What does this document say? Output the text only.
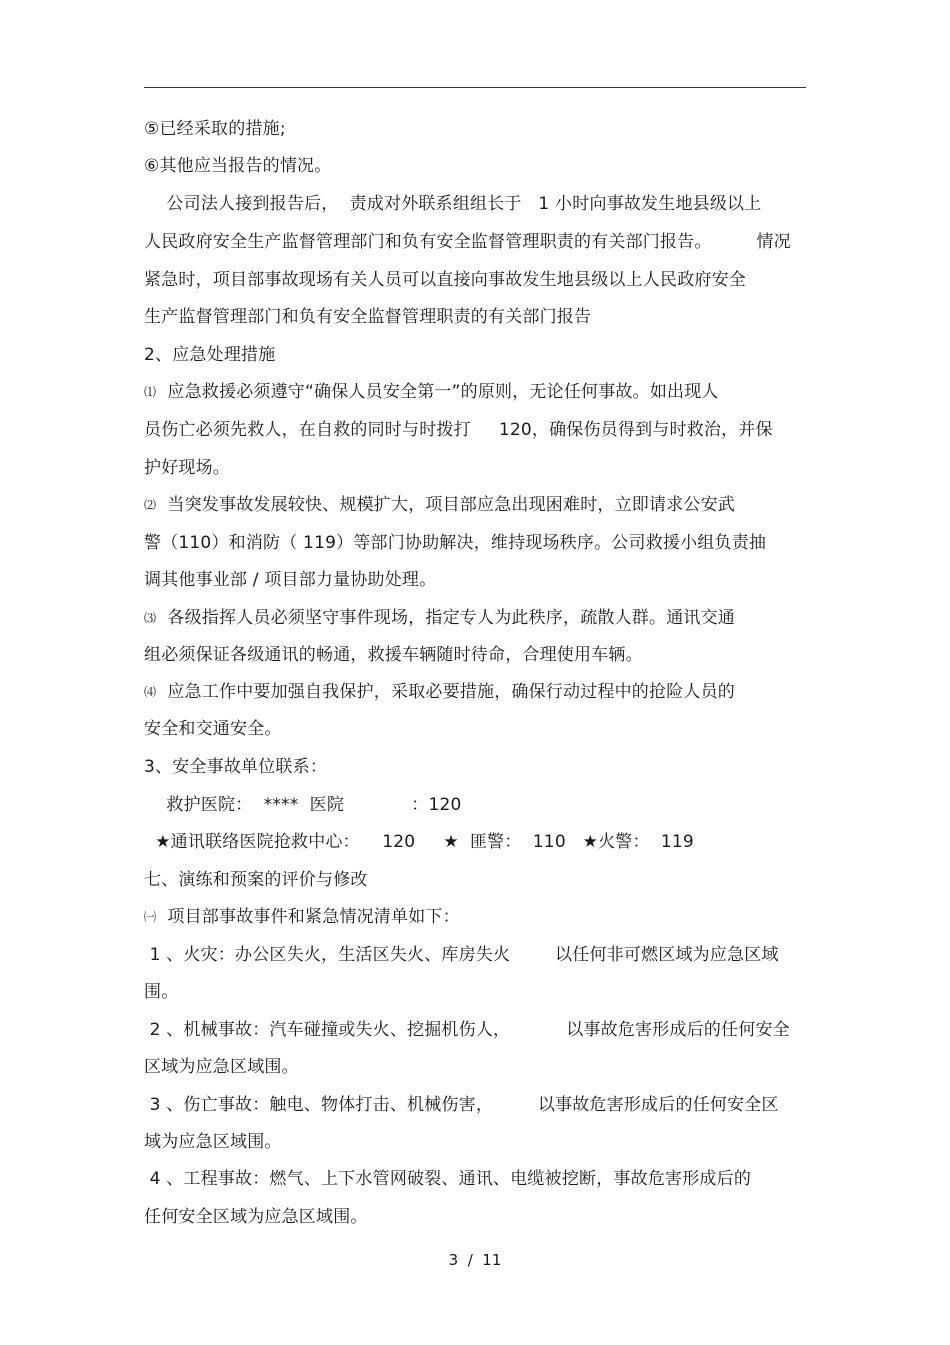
⑤已经采取的措施;
⑥其他应当报告的情况。
公司法人接到报告后，  责成对外联系组组长于   1 小时向事故发生地县级以上
人民政府安全生产监督管理部门和负有安全监督管理职责的有关部门报告。        情况
紧急时，项目部事故现场有关人员可以直接向事故发生地县级以上人民政府安全
生产监督管理部门和负有安全监督管理职责的有关部门报告
2、应急处理措施
⑴  应急救援必须遵守“确保人员安全第一”的原则，无论任何事故。如出现人
员伤亡必须先救人，在自救的同时与时拨打     120，确保伤员得到与时救治，并保
护好现场。
⑵  当突发事故发展较快、规模扩大，项目部应急出现困难时，立即请求公安武
警（110）和消防（ 119）等部门协助解决，维持现场秩序。公司救援小组负责抽
调其他事业部 / 项目部力量协助处理。
⑶  各级指挥人员必须坚守事件现场，指定专人为此秩序，疏散人群。通讯交通
组必须保证各级通讯的畅通，救援车辆随时待命，合理使用车辆。
⑷  应急工作中要加强自我保护，采取必要措施，确保行动过程中的抢险人员的
安全和交通安全。
3、安全事故单位联系：
救护医院：  ****  医院            ：120
★通讯联络医院抢救中心：    120     ★  匪警：  110   ★火警：  119
七、演练和预案的评价与修改
㈠  项目部事故事件和紧急情况清单如下：
1 、火灾：办公区失火，生活区失火、库房失火        以任何非可燃区域为应急区域
围。
2 、机械事故：汽车碰撞或失火、挖掘机伤人，          以事故危害形成后的任何安全
区域为应急区域围。
3 、伤亡事故：触电、物体打击、机械伤害，        以事故危害形成后的任何安全区
域为应急区域围。
4 、工程事故：燃气、上下水管网破裂、通讯、电缆被挖断，事故危害形成后的
任何安全区域为应急区域围。
3  /  11
